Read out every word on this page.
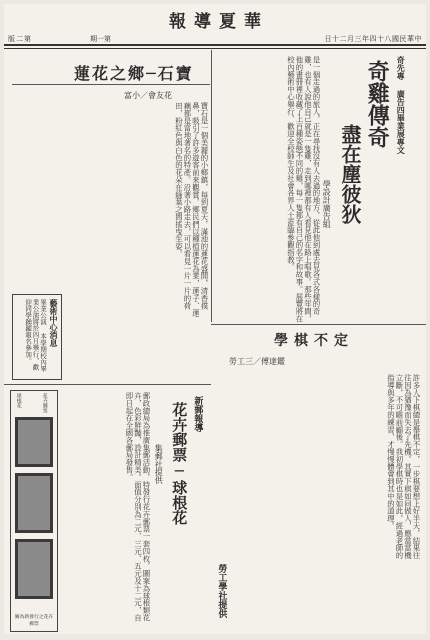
報導夏華
版二第	期一第	日十二月三年四十八國民華中
奇先專 廣告四畢業展專文
奇雞傳奇
盡在塵彼狄
學設計廣告組
是一個走過的旅人，正在尋找沒有人去過的地方，從此他到處去見各式各樣的奇雞，也有人說他自己就是一隻雞，走到哪裡都有人看見他在路上唱歌。那些年間，他的畫冊裡收藏了上百種姿態不同的雞，每一隻都有自己的名字和故事。展覽將在校內藝術中心舉行，歡迎全校師生及社會各界人士蒞臨參觀指教。
學棋不定
勞工三／傅達鑑
許多人下棋總是舉棋不定，一步棋要想上好半天，結果往往因為猶豫而失去了先機。其實下棋如同做人，應當當機立斷，不可瞻前顧後。我初學棋時也是如此，經過老師的指導與多年的練習，才慢慢體會到其中的道理。
勞工學社提供
蓮花之鄉─石寶
富小／會友花
寶石是一個美麗的小鄉鎮，每到夏天，滿池的蓮花盛開，清香撲鼻，吸引了許多遊客前來觀賞。鄉民們以種植蓮花為業，蓮子、蓮藕都是當地著名的特產。沿著小路走去，可以看見一片一片的荷田，粉紅色與白色的花朵在綠葉之間搖曳生姿。
藝術中心消息
畢業公演 本學期校內畢業公演將於四月舉行，歡迎同學踴躍報名參加。
新郵報導
花卉郵票─球根花
集郵社提供
郵政總局為推廣集郵活動，特發行花卉郵票一套四枚，圖案為球根類花卉，色彩鮮豔，設計精美。面值分別為二元、三元、五元及十二元，自即日起在全國各郵局發售。
花卉郵票
球根花
圖為新發行之花卉郵票
